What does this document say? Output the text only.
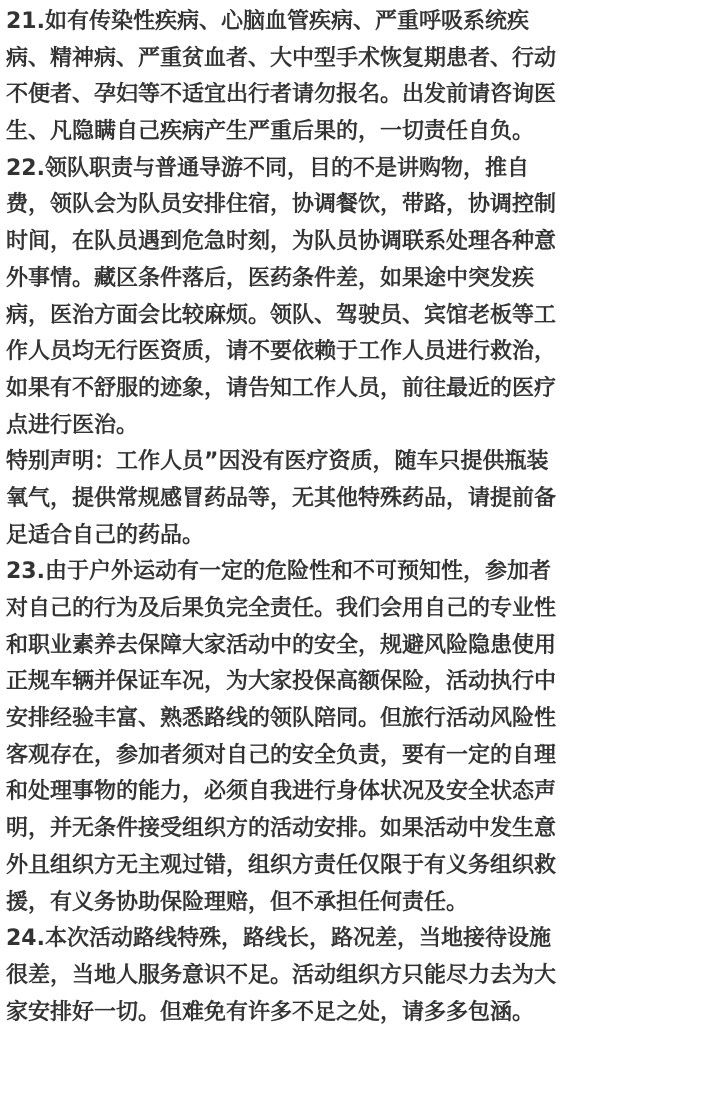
21.如有传染性疾病、心脑血管疾病、严重呼吸系统疾
病、精神病、严重贫血者、大中型手术恢复期患者、行动
不便者、孕妇等不适宜出行者请勿报名。出发前请咨询医
生、凡隐瞒自己疾病产生严重后果的，一切责任自负。
22.领队职责与普通导游不同，目的不是讲购物，推自
费，领队会为队员安排住宿，协调餐饮，带路，协调控制
时间，在队员遇到危急时刻，为队员协调联系处理各种意
外事情。藏区条件落后，医药条件差，如果途中突发疾
病，医治方面会比较麻烦。领队、驾驶员、宾馆老板等工
作人员均无行医资质，请不要依赖于工作人员进行救治，
如果有不舒服的迹象，请告知工作人员，前往最近的医疗
点进行医治。
特别声明：工作人员”因没有医疗资质，随车只提供瓶装
氧气，提供常规感冒药品等，无其他特殊药品，请提前备
足适合自己的药品。
23.由于户外运动有一定的危险性和不可预知性，参加者
对自己的行为及后果负完全责任。我们会用自己的专业性
和职业素养去保障大家活动中的安全，规避风险隐患使用
正规车辆并保证车况，为大家投保高额保险，活动执行中
安排经验丰富、熟悉路线的领队陪同。但旅行活动风险性
客观存在，参加者须对自己的安全负责，要有一定的自理
和处理事物的能力，必须自我进行身体状况及安全状态声
明，并无条件接受组织方的活动安排。如果活动中发生意
外且组织方无主观过错，组织方责任仅限于有义务组织救
援，有义务协助保险理赔，但不承担任何责任。
24.本次活动路线特殊，路线长，路况差，当地接待设施
很差，当地人服务意识不足。活动组织方只能尽力去为大
家安排好一切。但难免有许多不足之处，请多多包涵。
